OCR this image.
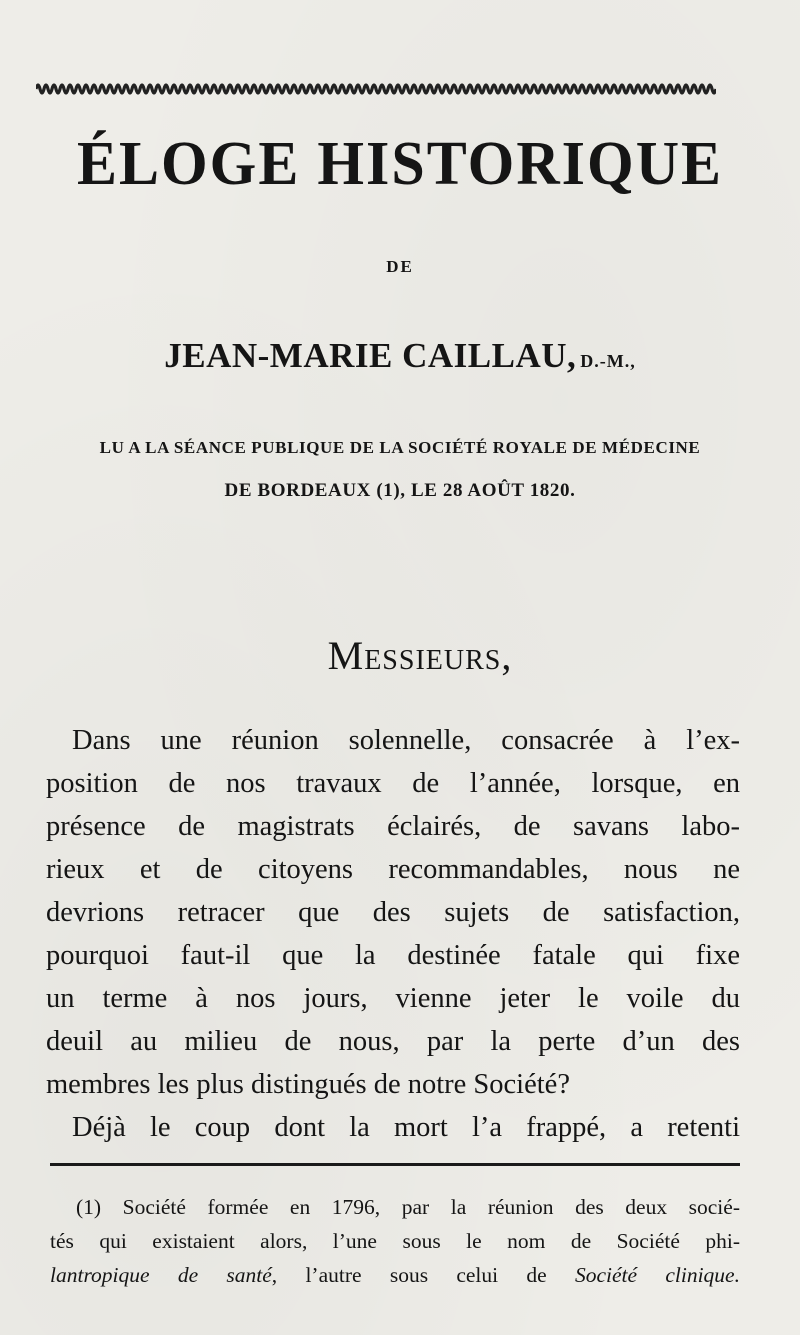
ÉLOGE HISTORIQUE
DE
JEAN-MARIE CAILLAU, D.-M.,
LU A LA SÉANCE PUBLIQUE DE LA SOCIÉTÉ ROYALE DE MÉDECINE
DE BORDEAUX (1), LE 28 AOÛT 1820.
Messieurs,
Dans une réunion solennelle, consacrée à l’ex-
position de nos travaux de l’année, lorsque, en
présence de magistrats éclairés, de savans labo-
rieux et de citoyens recommandables, nous ne
devrions retracer que des sujets de satisfaction,
pourquoi faut-il que la destinée fatale qui fixe
un terme à nos jours, vienne jeter le voile du
deuil au milieu de nous, par la perte d’un des
membres les plus distingués de notre Société?
Déjà le coup dont la mort l’a frappé, a retenti
(1) Société formée en 1796, par la réunion des deux socié-
tés qui existaient alors, l’une sous le nom de Société phi-
lantropique de santé, l’autre sous celui de Société clinique.
